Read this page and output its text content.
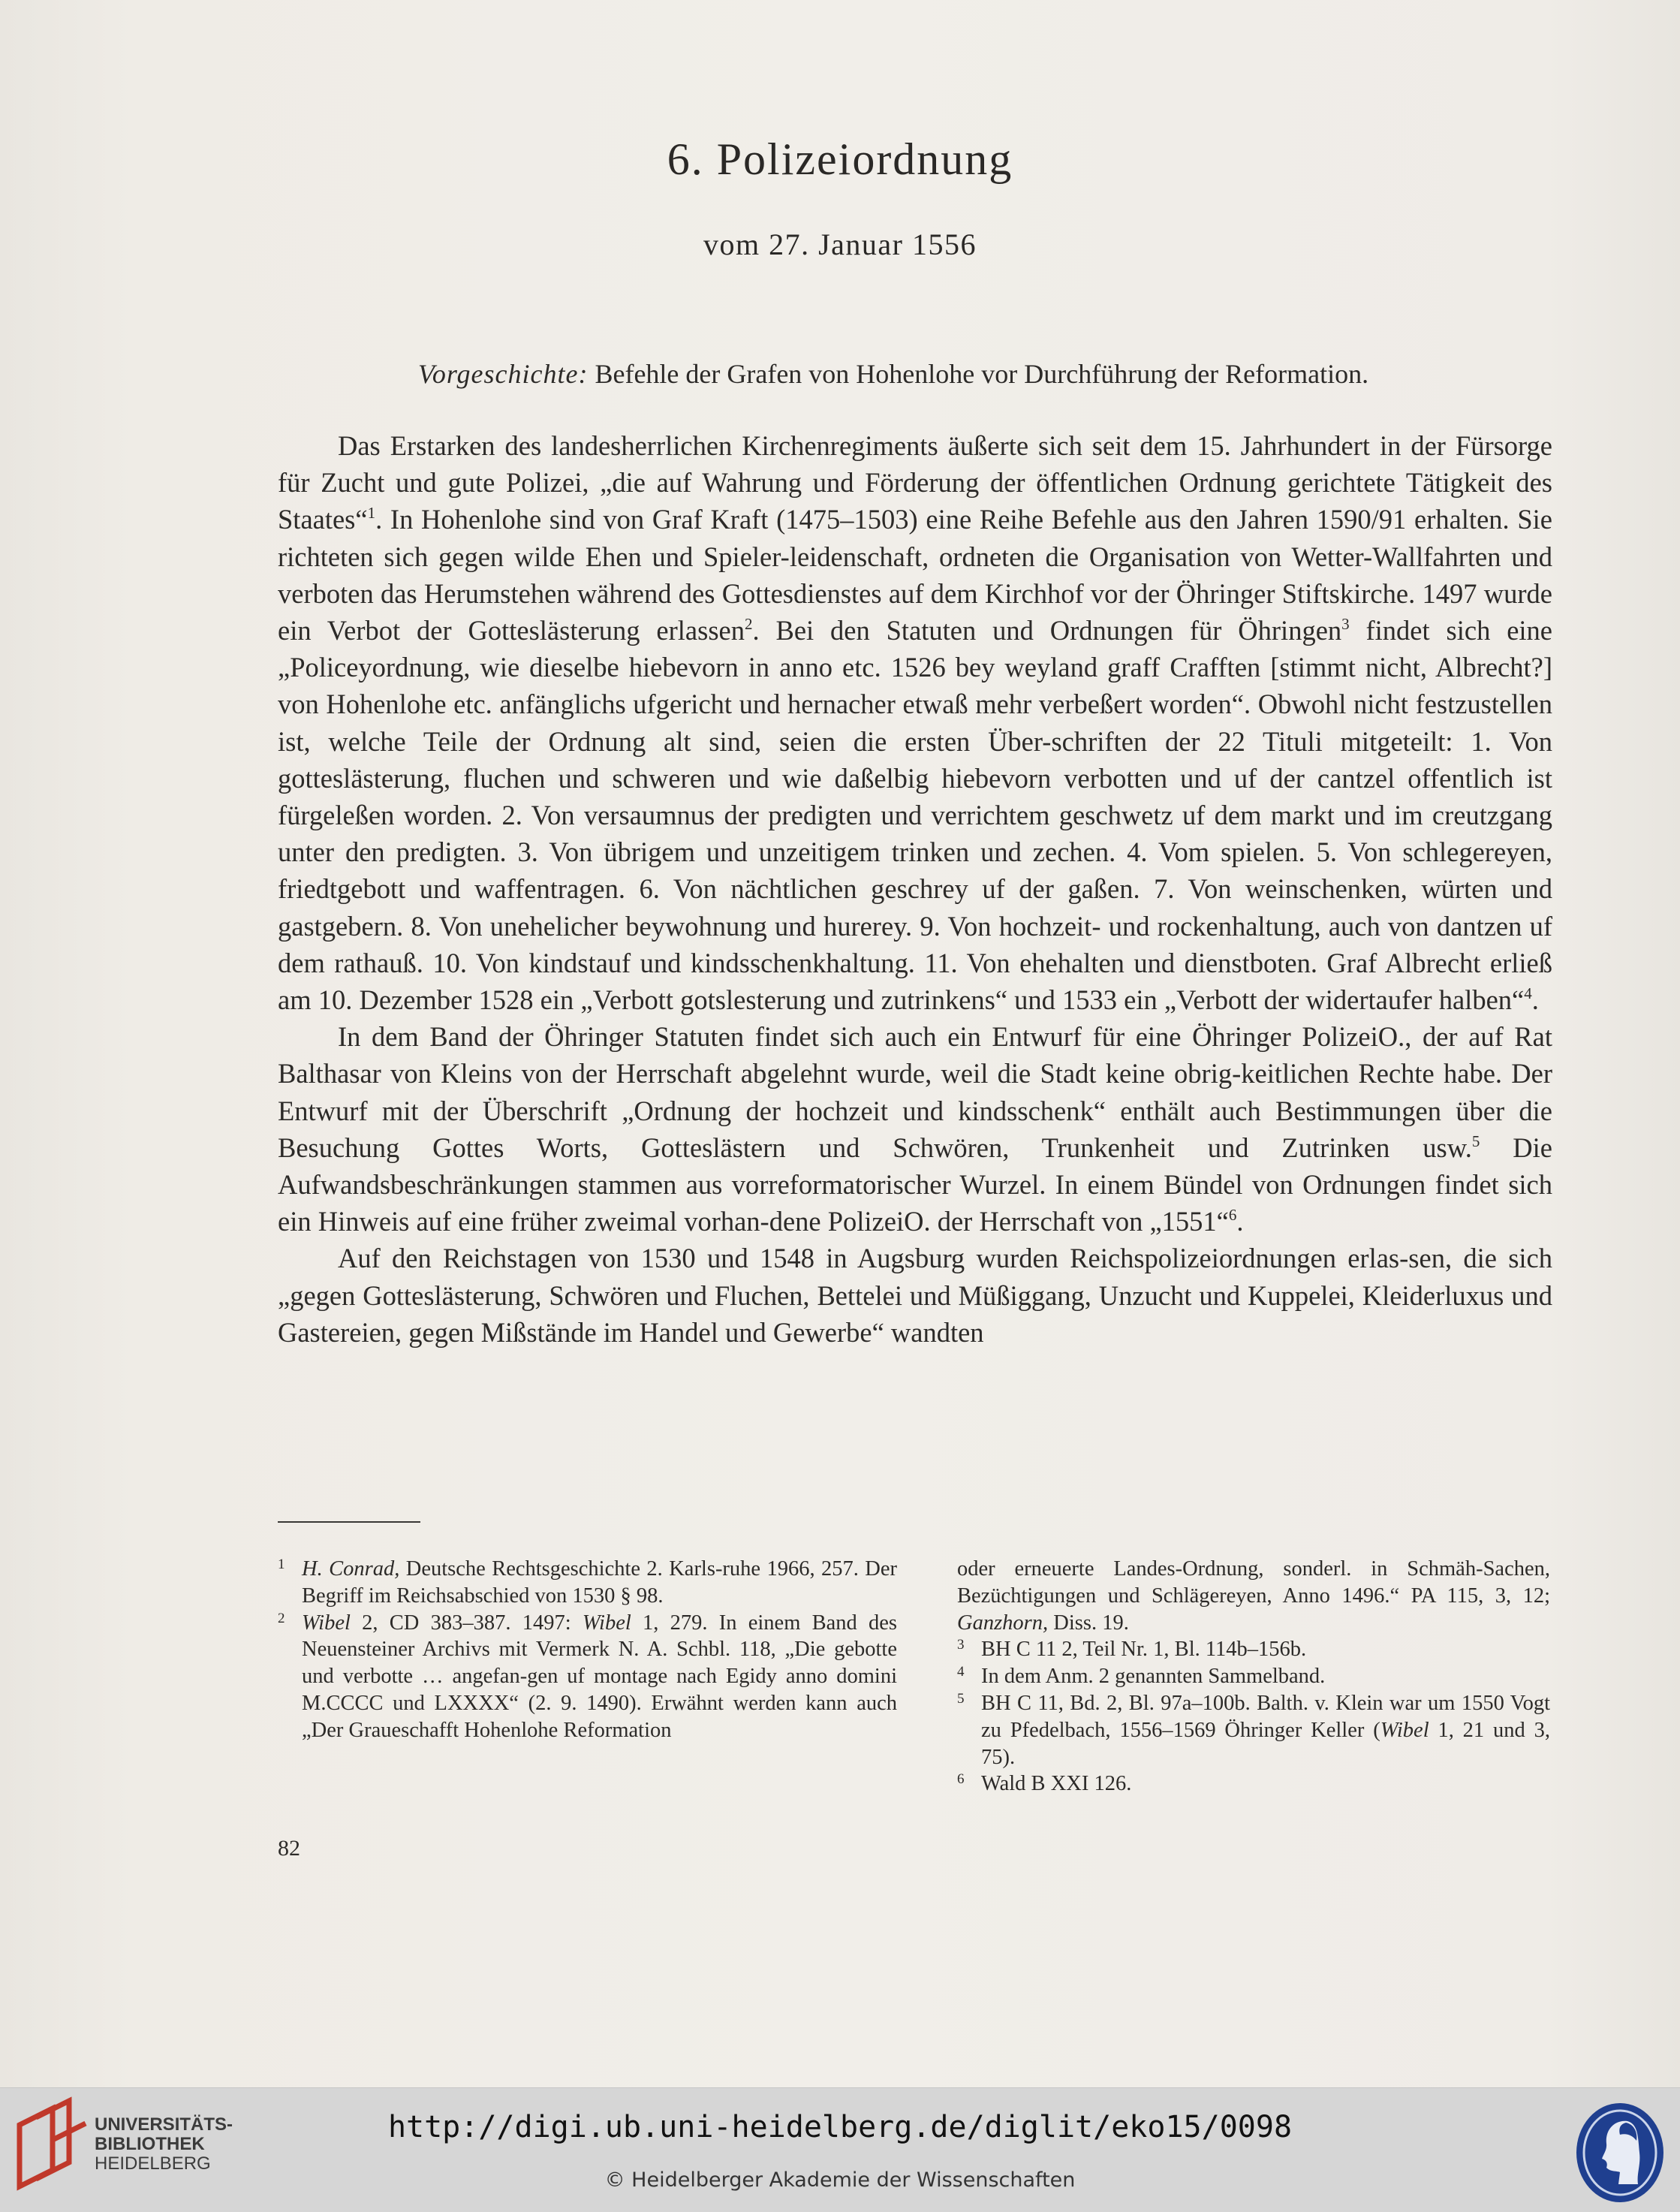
6. Polizeiordnung
vom 27. Januar 1556
Vorgeschichte: Befehle der Grafen von Hohenlohe vor Durchführung der Reformation.

Das Erstarken des landesherrlichen Kirchenregiments äußerte sich seit dem 15. Jahrhundert in der Fürsorge für Zucht und gute Polizei, „die auf Wahrung und Förderung der öffentlichen Ordnung gerichtete Tätigkeit des Staates“$^1$. In Hohenlohe sind von Graf Kraft (1475–1503) eine Reihe Befehle aus den Jahren 1590/91 erhalten. Sie richteten sich gegen wilde Ehen und Spieler-leidenschaft, ordneten die Organisation von Wetter-Wallfahrten und verboten das Herumstehen während des Gottesdienstes auf dem Kirchhof vor der Öhringer Stiftskirche. 1497 wurde ein Verbot der Gotteslästerung erlassen$^2$. Bei den Statuten und Ordnungen für Öhringen$^3$ findet sich eine „Policeyordnung, wie dieselbe hiebevorn in anno etc. 1526 bey weyland graff Crafften [stimmt nicht, Albrecht?] von Hohenlohe etc. anfänglichs ufgericht und hernacher etwaß mehr verbeßert worden“. Obwohl nicht festzustellen ist, welche Teile der Ordnung alt sind, seien die ersten Über-schriften der 22 Tituli mitgeteilt: 1. Von gotteslästerung, fluchen und schweren und wie daßelbig hiebevorn verbotten und uf der cantzel offentlich ist fürgeleßen worden. 2. Von versaumnus der predigten und verrichtem geschwetz uf dem markt und im creutzgang unter den predigten. 3. Von übrigem und unzeitigem trinken und zechen. 4. Vom spielen. 5. Von schlegereyen, friedtgebott und waffentragen. 6. Von nächtlichen geschrey uf der gaßen. 7. Von weinschenken, würten und gastgebern. 8. Von unehelicher beywohnung und hurerey. 9. Von hochzeit- und rockenhaltung, auch von dantzen uf dem rathauß. 10. Von kindstauf und kindsschenkhaltung. 11. Von ehehalten und dienstboten. Graf Albrecht erließ am 10. Dezember 1528 ein „Verbott gotslesterung und zutrinkens“ und 1533 ein „Verbott der widertaufer halben“$^4$.

In dem Band der Öhringer Statuten findet sich auch ein Entwurf für eine Öhringer PolizeiO., der auf Rat Balthasar von Kleins von der Herrschaft abgelehnt wurde, weil die Stadt keine obrig-keitlichen Rechte habe. Der Entwurf mit der Überschrift „Ordnung der hochzeit und kindsschenk“ enthält auch Bestimmungen über die Besuchung Gottes Worts, Gotteslästern und Schwören, Trunkenheit und Zutrinken usw.$^5$ Die Aufwandsbeschränkungen stammen aus vorreformatorischer Wurzel. In einem Bündel von Ordnungen findet sich ein Hinweis auf eine früher zweimal vorhan-dene PolizeiO. der Herrschaft von „1551“$^6$.

Auf den Reichstagen von 1530 und 1548 in Augsburg wurden Reichspolizeiordnungen erlas-sen, die sich „gegen Gotteslästerung, Schwören und Fluchen, Bettelei und Müßiggang, Unzucht und Kuppelei, Kleiderluxus und Gastereien, gegen Mißstände im Handel und Gewerbe“ wandten

1 H. Conrad, Deutsche Rechtsgeschichte 2. Karls-ruhe 1966, 257. Der Begriff im Reichsabschied von 1530 § 98.

2 Wibel 2, CD 383–387. 1497: Wibel 1, 279. In einem Band des Neuensteiner Archivs mit Vermerk N. A. Schbl. 118, „Die gebotte und verbotte … angefan-gen uf montage nach Egidy anno domini M.CCCC und LXXXX“ (2. 9. 1490). Erwähnt werden kann auch „Der Graueschafft Hohenlohe Reformation

oder erneuerte Landes-Ordnung, sonderl. in Schmäh-Sachen, Bezüchtigungen und Schlägereyen, Anno 1496.“ PA 115, 3, 12; Ganzhorn, Diss. 19.

3 BH C 11 2, Teil Nr. 1, Bl. 114b–156b.

4 In dem Anm. 2 genannten Sammelband.

5 BH C 11, Bd. 2, Bl. 97a–100b. Balth. v. Klein war um 1550 Vogt zu Pfedelbach, 1556–1569 Öhringer Keller (Wibel 1, 21 und 3, 75).

6 Wald B XXI 126.

82
UNIVERSITÄTS-
BIBLIOTHEK
HEIDELBERG
http://digi.ub.uni-heidelberg.de/diglit/eko15/0098
© Heidelberger Akademie der Wissenschaften
